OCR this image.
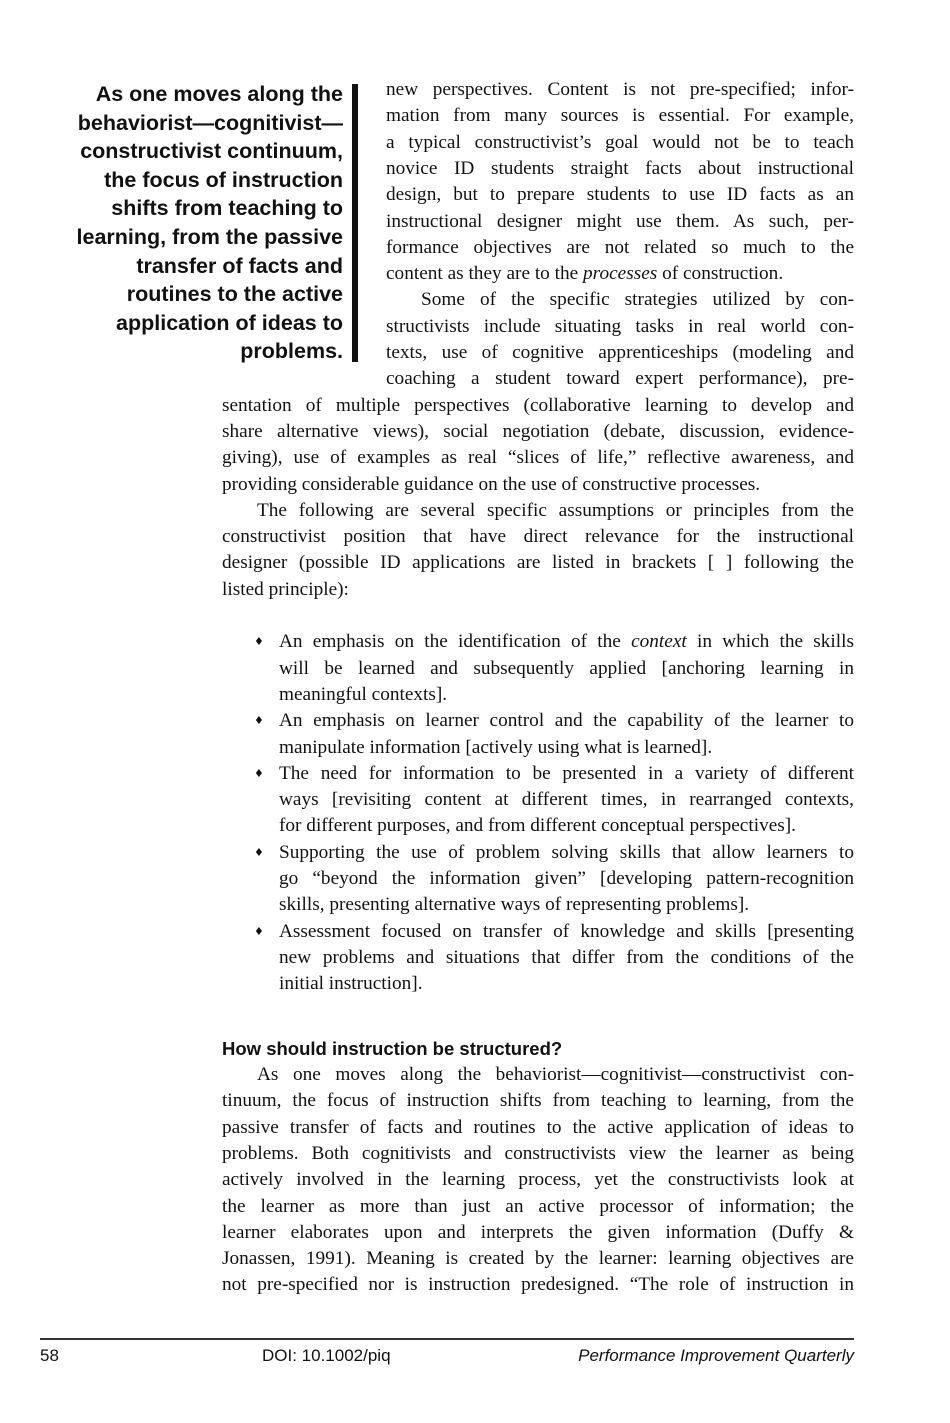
As one moves along the
behaviorist—cognitivist—
constructivist continuum,
the focus of instruction
shifts from teaching to
learning, from the passive
transfer of facts and
routines to the active
application of ideas to
problems.
new perspectives. Content is not pre-specified; infor-
mation from many sources is essential. For example,
a typical constructivist’s goal would not be to teach
novice ID students straight facts about instructional
design, but to prepare students to use ID facts as an
instructional designer might use them. As such, per-
formance objectives are not related so much to the
content as they are to the processes of construction.
Some of the specific strategies utilized by con-
structivists include situating tasks in real world con-
texts, use of cognitive apprenticeships (modeling and
coaching a student toward expert performance), pre-
sentation of multiple perspectives (collaborative learning to develop and
share alternative views), social negotiation (debate, discussion, evidence-
giving), use of examples as real “slices of life,” reflective awareness, and
providing considerable guidance on the use of constructive processes.
The following are several specific assumptions or principles from the
constructivist position that have direct relevance for the instructional
designer (possible ID applications are listed in brackets [ ] following the
listed principle):
♦ An emphasis on the identification of the context in which the skills
will be learned and subsequently applied [anchoring learning in
meaningful contexts].
♦ An emphasis on learner control and the capability of the learner to
manipulate information [actively using what is learned].
♦ The need for information to be presented in a variety of different
ways [revisiting content at different times, in rearranged contexts,
for different purposes, and from different conceptual perspectives].
♦ Supporting the use of problem solving skills that allow learners to
go “beyond the information given” [developing pattern-recognition
skills, presenting alternative ways of representing problems].
♦ Assessment focused on transfer of knowledge and skills [presenting
new problems and situations that differ from the conditions of the
initial instruction].
As one moves along the behaviorist—cognitivist—constructivist con-
tinuum, the focus of instruction shifts from teaching to learning, from the
passive transfer of facts and routines to the active application of ideas to
problems. Both cognitivists and constructivists view the learner as being
actively involved in the learning process, yet the constructivists look at
the learner as more than just an active processor of information; the
learner elaborates upon and interprets the given information (Duffy &
Jonassen, 1991). Meaning is created by the learner: learning objectives are
not pre-specified nor is instruction predesigned. “The role of instruction in
How should instruction be structured?
58	DOI: 10.1002/piq	Performance Improvement Quarterly
